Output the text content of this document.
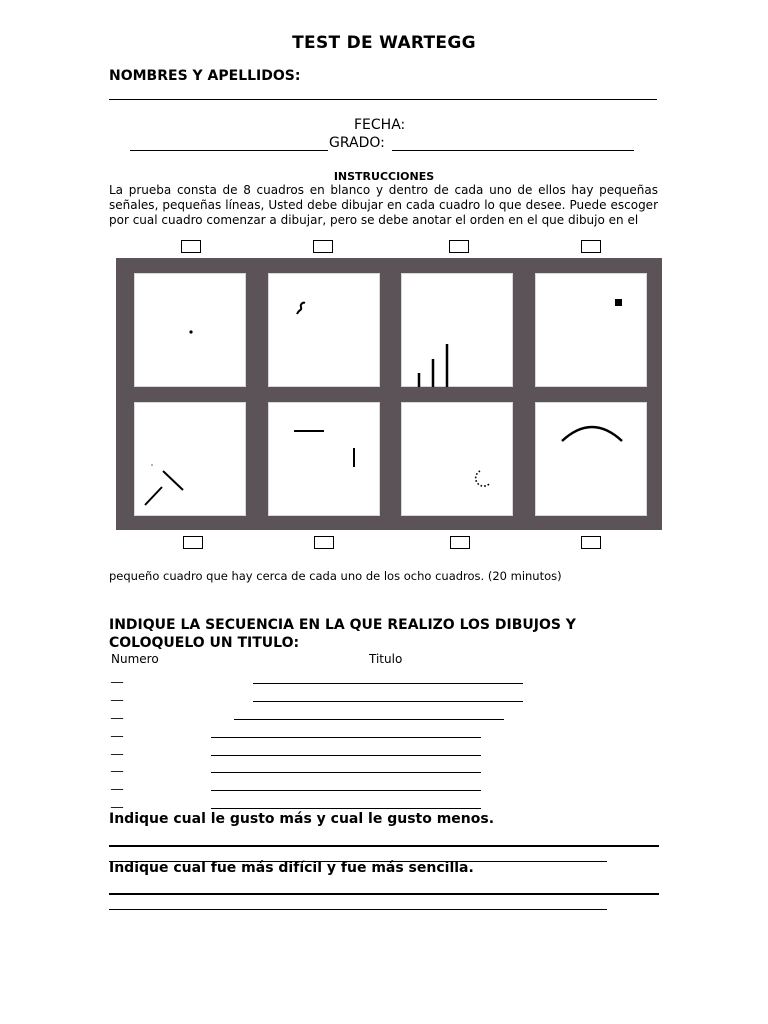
TEST DE WARTEGG
NOMBRES Y APELLIDOS:
FECHA:
GRADO:
INSTRUCCIONES
La prueba consta de 8 cuadros en blanco y dentro de cada uno de ellos hay pequeñas señales, pequeñas líneas, Usted debe dibujar en cada cuadro lo que desee. Puede escoger por cual cuadro comenzar a dibujar, pero se debe anotar el orden en el que dibujo en el
pequeño cuadro que hay cerca de cada uno de los ocho cuadros. (20 minutos)
INDIQUE LA SECUENCIA EN LA QUE REALIZO LOS DIBUJOS Y
COLOQUELO UN TITULO:
Numero	Titulo
__
__
__
__
__
__
__
__
Indique cual le gusto más y cual le gusto menos.
Indique cual fue más difícil y fue más sencilla.
